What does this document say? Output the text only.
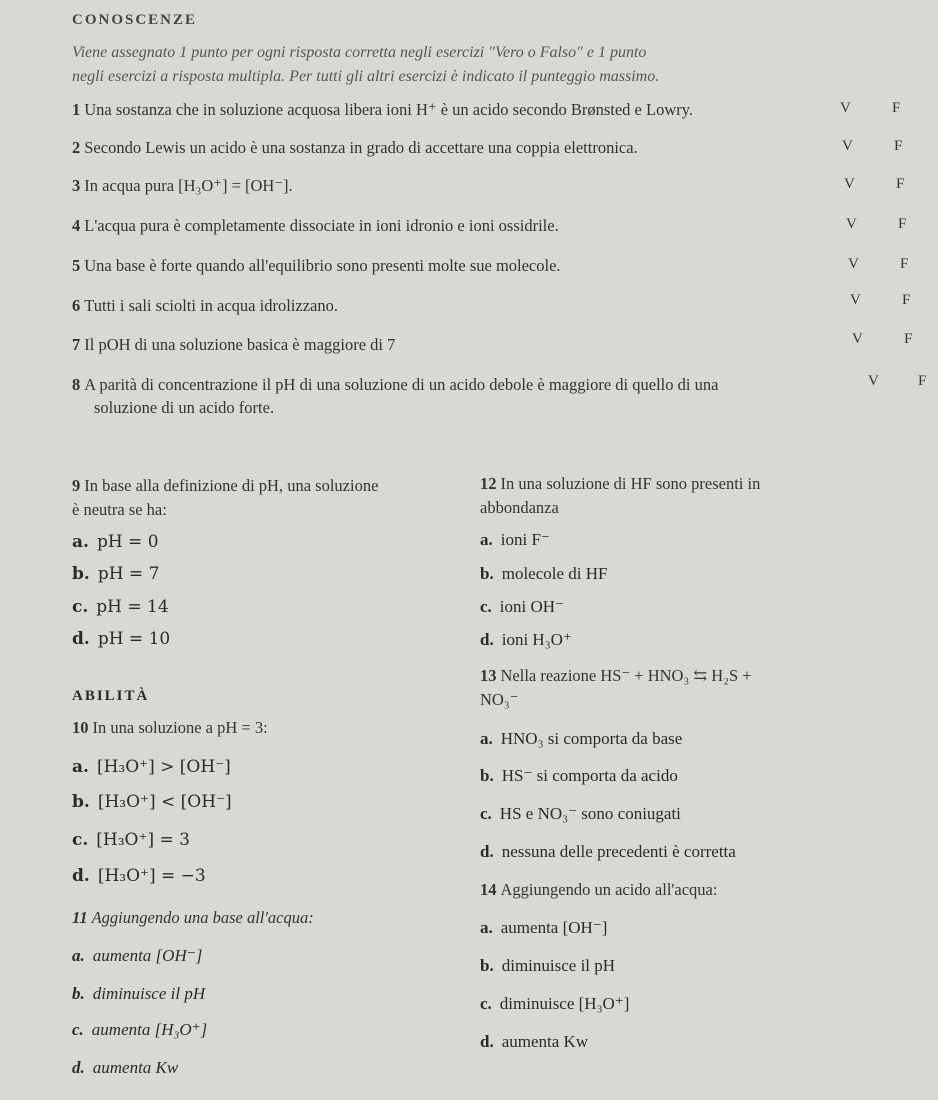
CONOSCENZE
Viene assegnato 1 punto per ogni risposta corretta negli esercizi "Vero o Falso" e 1 punto
negli esercizi a risposta multipla. Per tutti gli altri esercizi è indicato il punteggio massimo.
1 Una sostanza che in soluzione acquosa libera ioni H⁺ è un acido secondo Brønsted e Lowry.	V	F
2 Secondo Lewis un acido è una sostanza in grado di accettare una coppia elettronica.	V	F
3 In acqua pura [H₃O⁺] = [OH⁻].	V	F
4 L'acqua pura è completamente dissociate in ioni idronio e ioni ossidrile.	V	F
5 Una base è forte quando all'equilibrio sono presenti molte sue molecole.	V	F
6 Tutti i sali sciolti in acqua idrolizzano.	V	F
7 Il pOH di una soluzione basica è maggiore di 7	V	F
8 A parità di concentrazione il pH di una soluzione di un acido debole è maggiore di quello di una
soluzione di un acido forte.
V	F
9 In base alla definizione di pH, una soluzione
è neutra se ha:
a. pH = 0
b. pH = 7
c. pH = 14
d. pH = 10
ABILITÀ
10 In una soluzione a pH = 3:
a. [H₃O⁺] > [OH⁻]
b. [H₃O⁺] < [OH⁻]
c. [H₃O⁺] = 3
d. [H₃O⁺] = −3
11 Aggiungendo una base all'acqua:
a. aumenta [OH⁻]
b. diminuisce il pH
c. aumenta [H₃O⁺]
d. aumenta Kw
12 In una soluzione di HF sono presenti in
abbondanza
a. ioni F⁻
b. molecole di HF
c. ioni OH⁻
d. ioni H₃O⁺
13 Nella reazione HS⁻ + HNO₃ ⇆ H₂S +
NO₃⁻
a. HNO₃ si comporta da base
b. HS⁻ si comporta da acido
c. HS e NO₃⁻ sono coniugati
d. nessuna delle precedenti è corretta
14 Aggiungendo un acido all'acqua:
a. aumenta [OH⁻]
b. diminuisce il pH
c. diminuisce [H₃O⁺]
d. aumenta Kw
